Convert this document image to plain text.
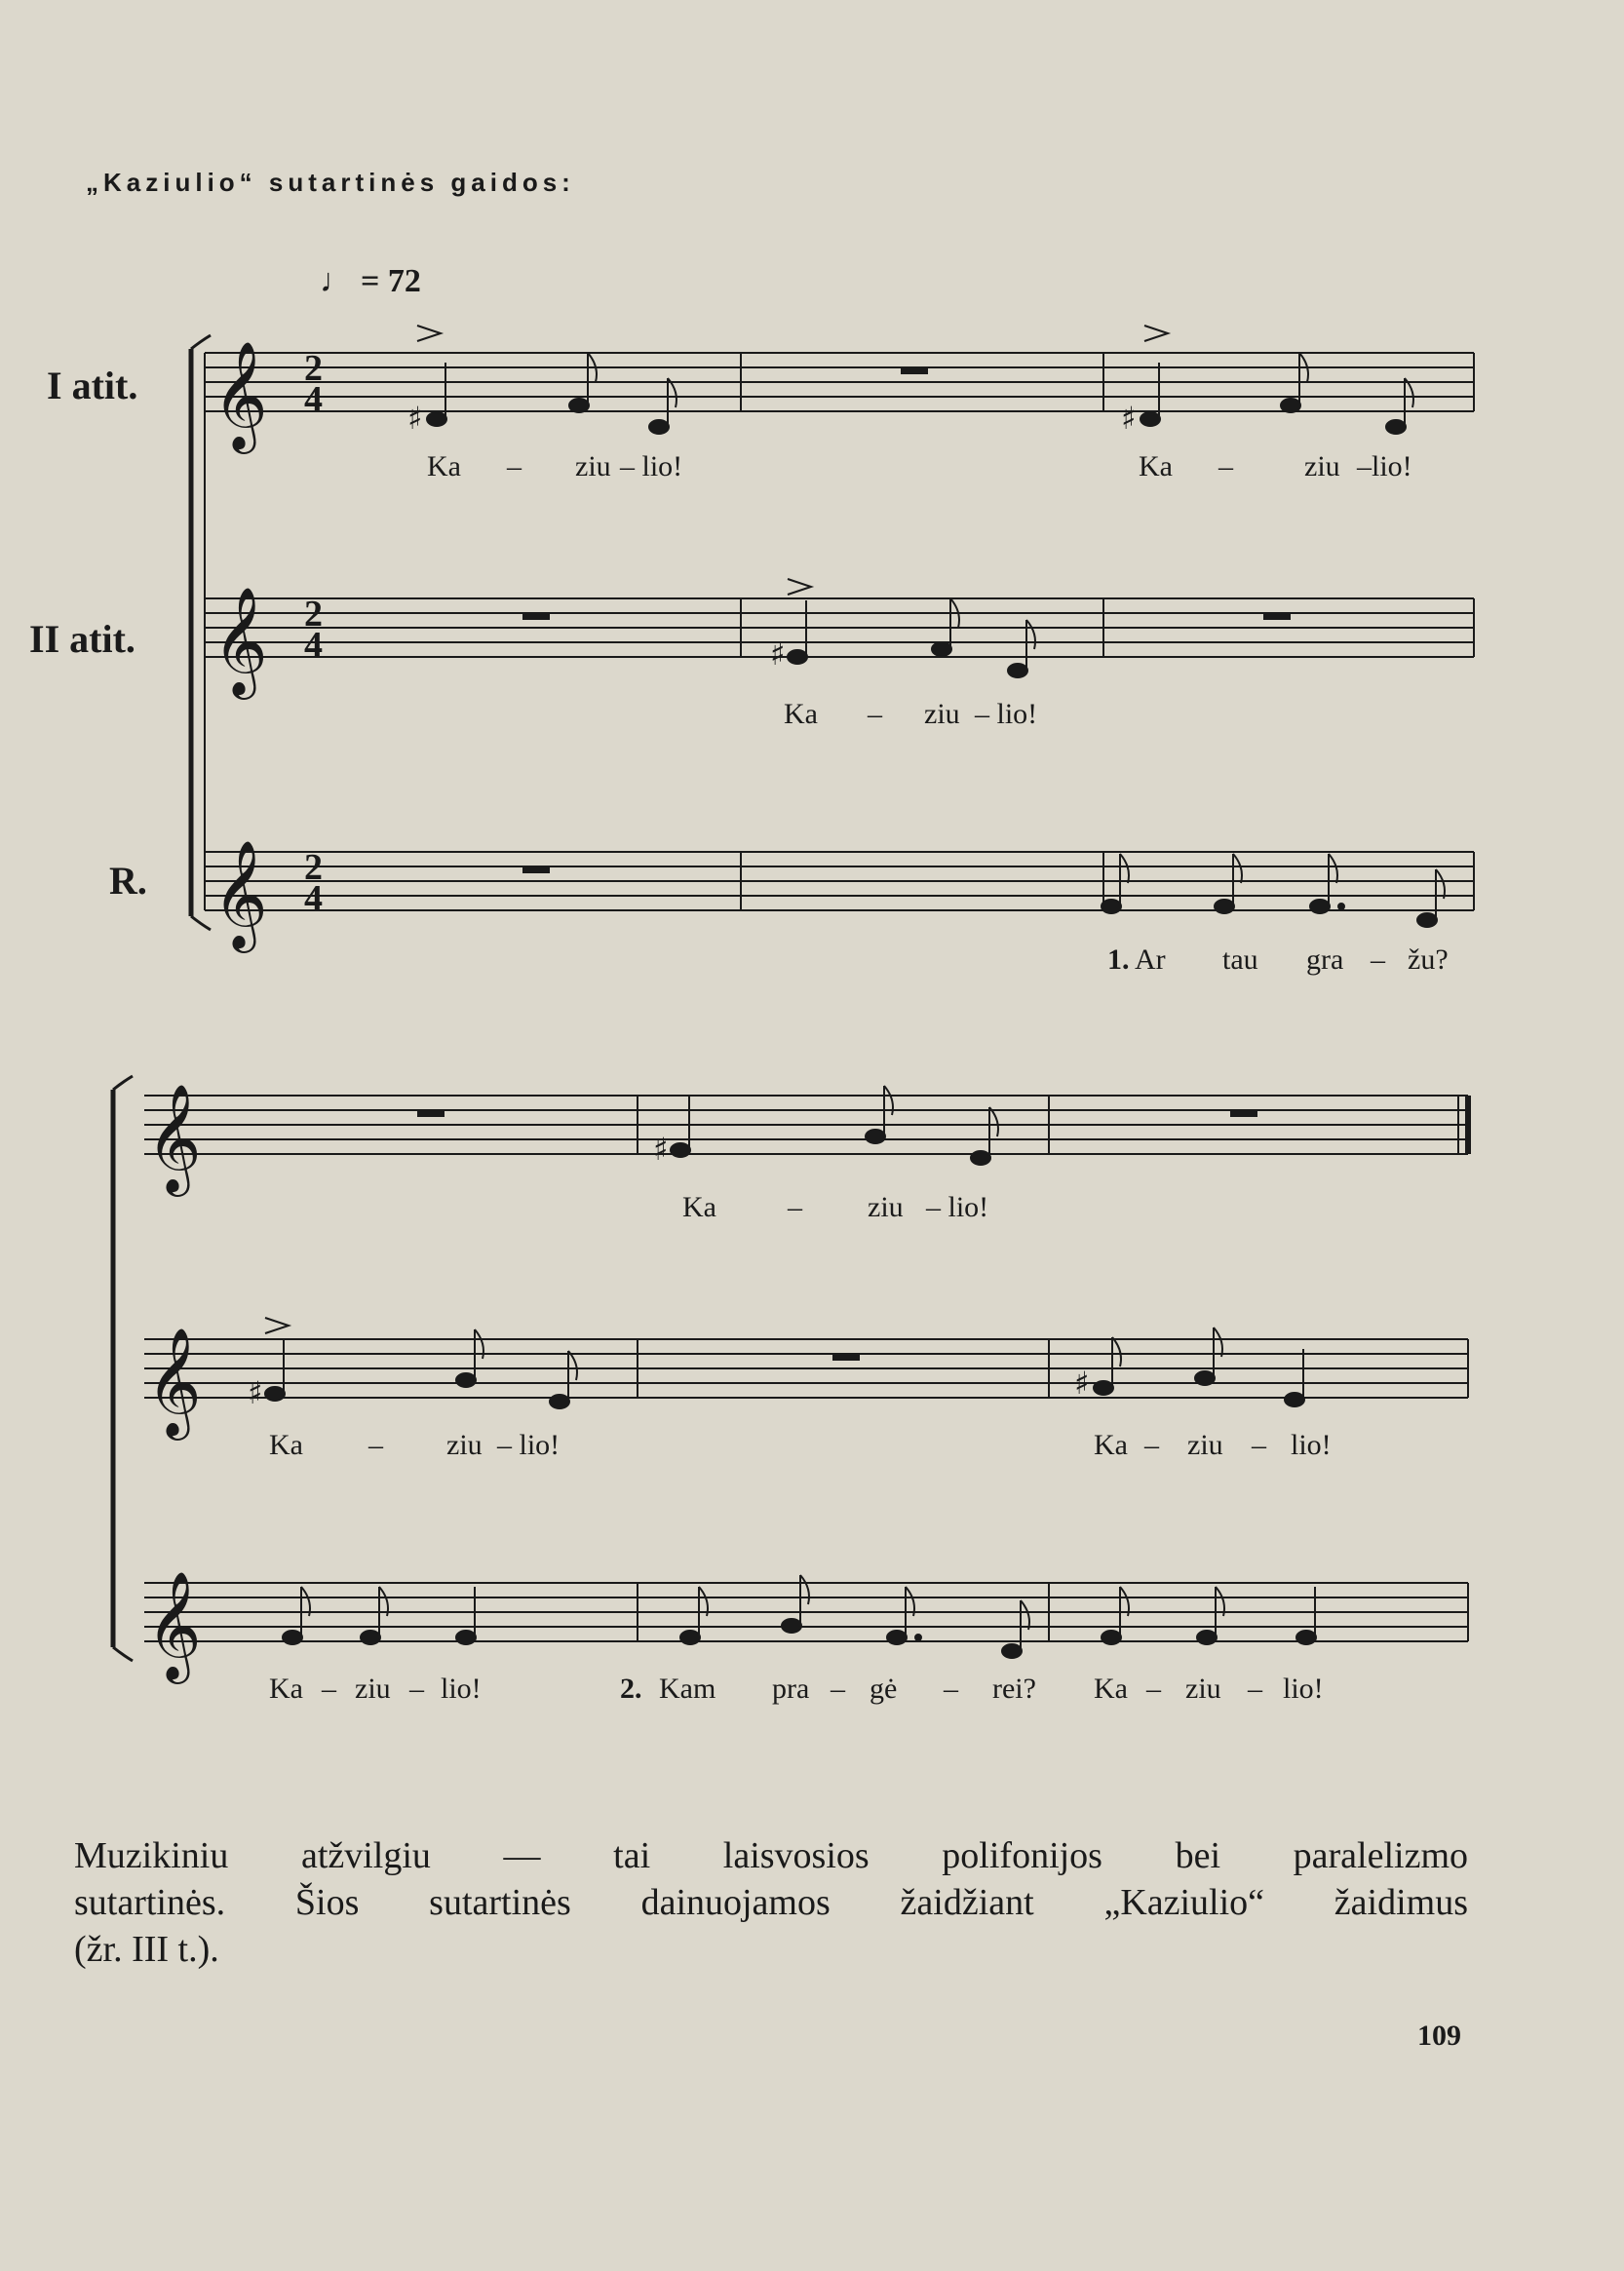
„Kaziulio“ sutartinės gaidos:
♩ = 72
I atit.
II atit.
R.
𝄞
𝄞
𝄞
2
4
2
4
2
4
♯	♯
♯
𝄞
𝄞
𝄞
♯
♯	♯
Ka – ziu – lio!	Ka – ziu –lio!
Ka – ziu – lio!
1. Ar tau gra – žu?
Ka – ziu – lio!
Ka – ziu – lio!	Ka – ziu – lio!
Ka – ziu – lio!	2. Kam pra – gė – rei? Ka – ziu – lio!
Muzikiniu atžvilgiu — tai laisvosios polifonijos bei paralelizmo
sutartinės. Šios sutartinės dainuojamos žaidžiant „Kaziulio“ žaidimus
(žr. III t.).
109
